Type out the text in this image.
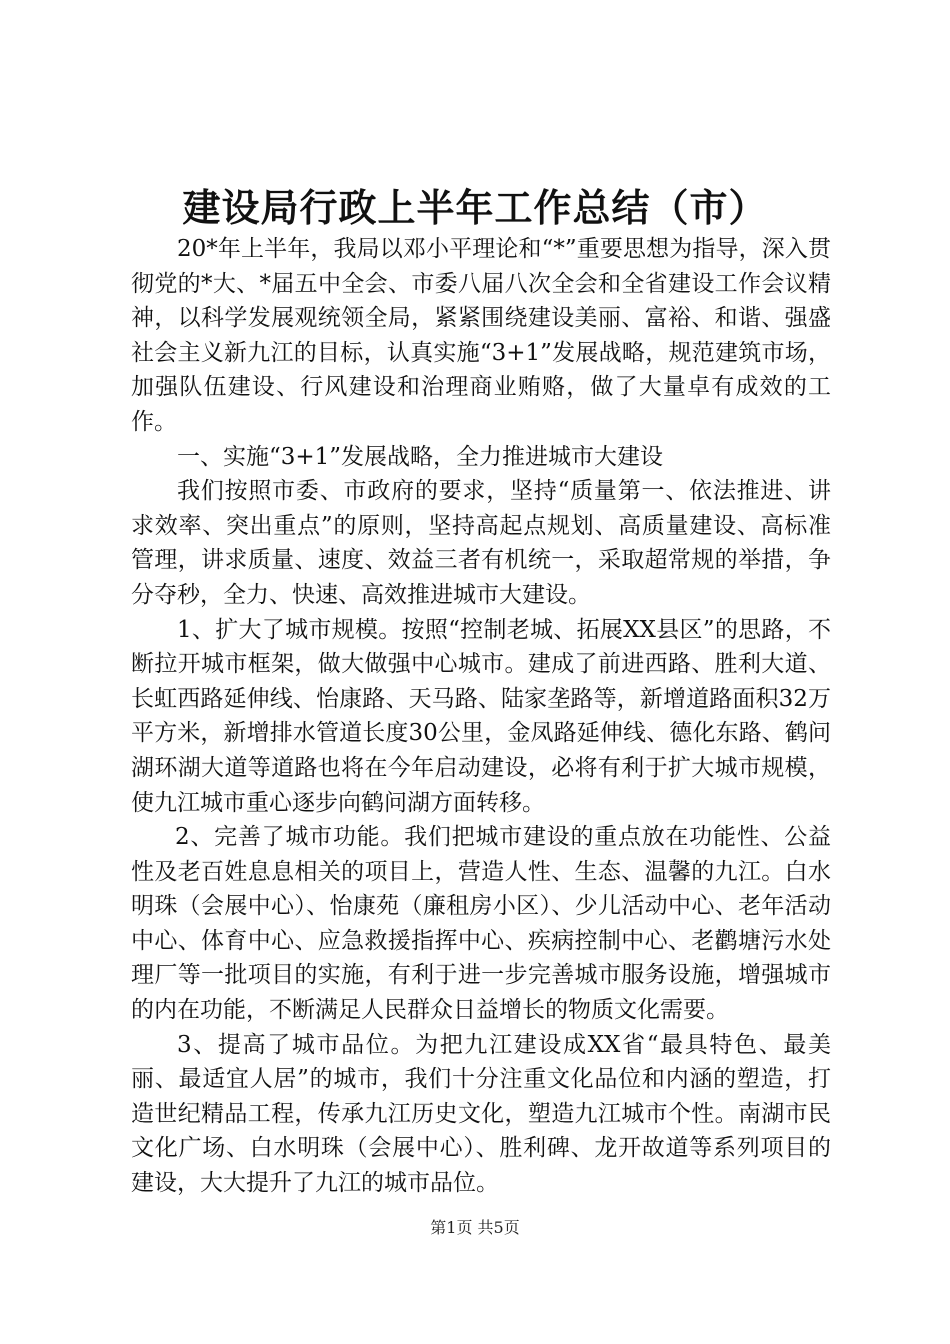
建设局行政上半年工作总结（市）

20*年上半年，我局以邓小平理论和“*”重要思想为指导，深入贯彻党的*大、*届五中全会、市委八届八次全会和全省建设工作会议精神，以科学发展观统领全局，紧紧围绕建设美丽、富裕、和谐、强盛社会主义新九江的目标，认真实施“3+1”发展战略，规范建筑市场，加强队伍建设、行风建设和治理商业贿赂，做了大量卓有成效的工作。

一、实施“3+1”发展战略，全力推进城市大建设

我们按照市委、市政府的要求，坚持“质量第一、依法推进、讲求效率、突出重点”的原则，坚持高起点规划、高质量建设、高标准管理，讲求质量、速度、效益三者有机统一，采取超常规的举措，争分夺秒，全力、快速、高效推进城市大建设。

1、扩大了城市规模。按照“控制老城、拓展XX县区”的思路，不断拉开城市框架，做大做强中心城市。建成了前进西路、胜利大道、长虹西路延伸线、怡康路、天马路、陆家垄路等，新增道路面积32万平方米，新增排水管道长度30公里，金凤路延伸线、德化东路、鹤问湖环湖大道等道路也将在今年启动建设，必将有利于扩大城市规模，使九江城市重心逐步向鹤问湖方面转移。

2、完善了城市功能。我们把城市建设的重点放在功能性、公益性及老百姓息息相关的项目上，营造人性、生态、温馨的九江。白水明珠（会展中心）、怡康苑（廉租房小区）、少儿活动中心、老年活动中心、体育中心、应急救援指挥中心、疾病控制中心、老鹳塘污水处理厂等一批项目的实施，有利于进一步完善城市服务设施，增强城市的内在功能，不断满足人民群众日益增长的物质文化需要。

3、提高了城市品位。为把九江建设成XX省“最具特色、最美丽、最适宜人居”的城市，我们十分注重文化品位和内涵的塑造，打造世纪精品工程，传承九江历史文化，塑造九江城市个性。南湖市民文化广场、白水明珠（会展中心）、胜利碑、龙开故道等系列项目的建设，大大提升了九江的城市品位。

第1页 共5页
